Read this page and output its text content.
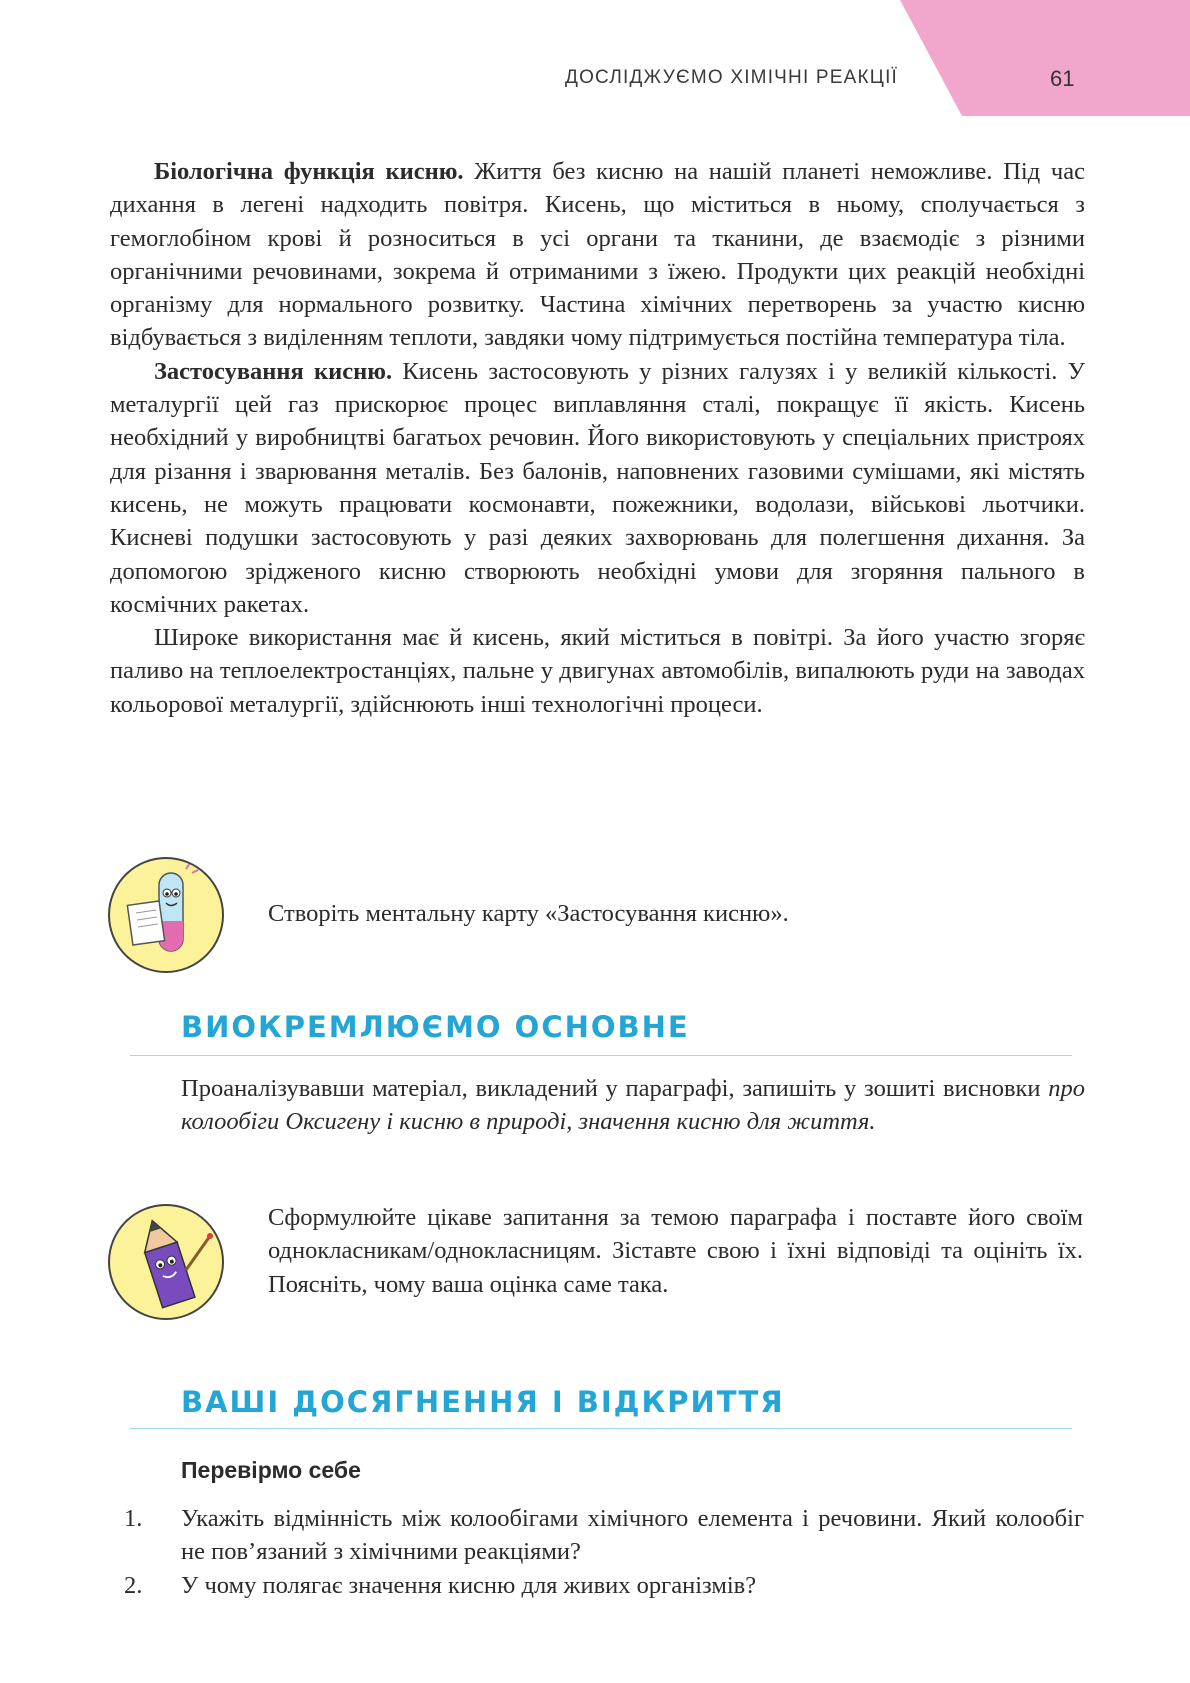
ДОСЛІДЖУЄМО ХІМІЧНІ РЕАКЦІЇ	61

Біологічна функція кисню. Життя без кисню на нашій планеті неможливе. Під час дихання в легені надходить повітря. Кисень, що міститься в ньому, сполучається з гемоглобіном крові й розноситься в усі органи та тканини, де взаємодіє з різними органічними речовинами, зокрема й отриманими з їжею. Продукти цих реакцій необхідні організму для нормального розвитку. Частина хімічних перетворень за участю кисню відбувається з виділенням теплоти, завдяки чому підтримується постійна температура тіла.

Застосування кисню. Кисень застосовують у різних галузях і у великій кількості. У металургії цей газ прискорює процес виплавляння сталі, покращує її якість. Кисень необхідний у виробництві багатьох речовин. Його використовують у спеціальних пристроях для різання і зварювання металів. Без балонів, наповнених газовими сумішами, які містять кисень, не можуть працювати космонавти, пожежники, водолази, військові льотчики. Кисневі подушки застосовують у разі деяких захворювань для полегшення дихання. За допомогою зрідженого кисню створюють необхідні умови для згоряння пального в космічних ракетах.

Широке використання має й кисень, який міститься в повітрі. За його участю згоряє паливо на теплоелектростанціях, пальне у двигунах автомобілів, випалюють руди на заводах кольорової металургії, здійснюють інші технологічні процеси.

Створіть ментальну карту «Застосування кисню».
ВИОКРЕМЛЮЄМО ОСНОВНЕ
Проаналізувавши матеріал, викладений у параграфі, запишіть у зошиті висновки про колообіги Оксигену і кисню в природі, значення кисню для життя.
Сформулюйте цікаве запитання за темою параграфа і поставте його своїм однокласникам/однокласницям. Зіставте свою і їхні відповіді та оцініть їх. Поясніть, чому ваша оцінка саме така.
ВАШІ ДОСЯГНЕННЯ І ВІДКРИТТЯ
Перевірмо себе
1. Укажіть відмінність між колообігами хімічного елемента і речовини. Який колообіг не пов’язаний з хімічними реакціями?
2. У чому полягає значення кисню для живих організмів?
